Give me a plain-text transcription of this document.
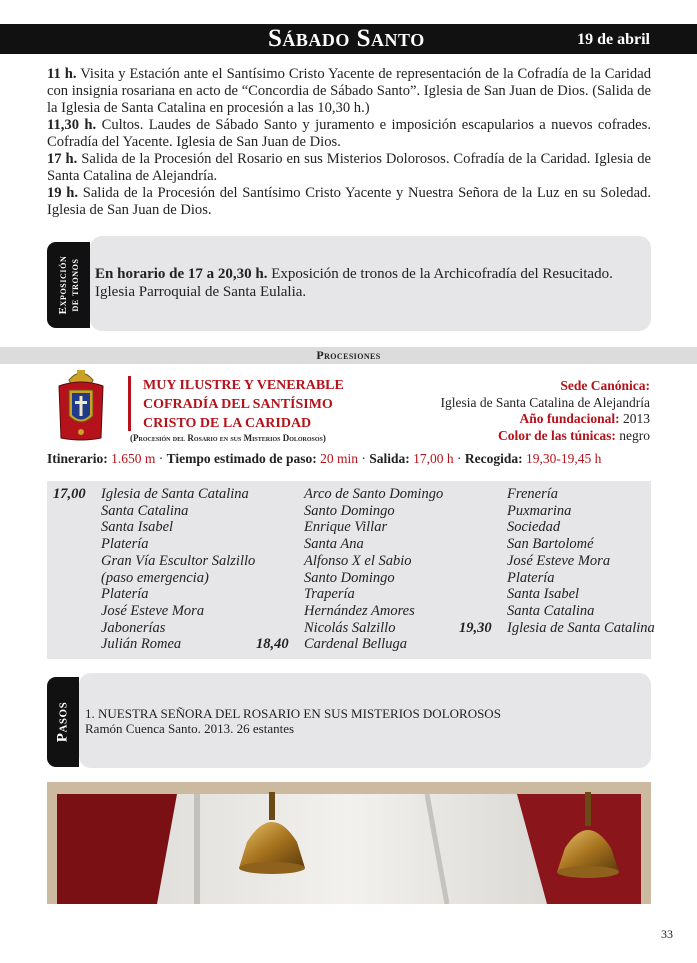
Sábado Santo	19 de abril

11 h. Visita y Estación ante el Santísimo Cristo Yacente de representación de la Cofradía de la Caridad con insignia rosariana en acto de “Concordia de Sábado Santo”. Iglesia de San Juan de Dios. (Salida de la Iglesia de Santa Catalina en procesión a las 10,30 h.)

11,30 h. Cultos. Laudes de Sábado Santo y juramento e imposición escapularios a nuevos cofrades. Cofradía del Yacente. Iglesia de San Juan de Dios.

17 h. Salida de la Procesión del Rosario en sus Misterios Dolorosos. Cofradía de la Caridad. Iglesia de Santa Catalina de Alejandría.

19 h. Salida de la Procesión del Santísimo Cristo Yacente y Nuestra Señora de la Luz en su Soledad. Iglesia de San Juan de Dios.

Exposición de tronos En horario de 17 a 20,30 h. Exposición de tronos de la Archicofradía del Resucitado.
Iglesia Parroquial de Santa Eulalia.
Procesiones
MUY ILUSTRE Y VENERABLE
COFRADÍA DEL SANTÍSIMO
CRISTO DE LA CARIDAD
(Procesión del Rosario en sus Misterios Dolorosos)
Sede Canónica:
Iglesia de Santa Catalina de Alejandría
Año fundacional: 2013
Color de las túnicas: negro
Itinerario: 1.650 m · Tiempo estimado de paso: 20 min · Salida: 17,00 h · Recogida: 19,30-19,45 h
17,00
18,40
19,30
Iglesia de Santa Catalina
Santa Catalina
Santa Isabel
Platería
Gran Vía Escultor Salzillo
(paso emergencia)
Platería
José Esteve Mora
Jabonerías
Julián Romea
Arco de Santo Domingo
Santo Domingo
Enrique Villar
Santa Ana
Alfonso X el Sabio
Santo Domingo
Trapería
Hernández Amores
Nicolás Salzillo
Cardenal Belluga
Frenería
Puxmarina
Sociedad
San Bartolomé
José Esteve Mora
Platería
Santa Isabel
Santa Catalina
Iglesia de Santa Catalina
Pasos 1. NUESTRA SEÑORA DEL ROSARIO EN SUS MISTERIOS DOLOROSOS
Ramón Cuenca Santo. 2013. 26 estantes
33
